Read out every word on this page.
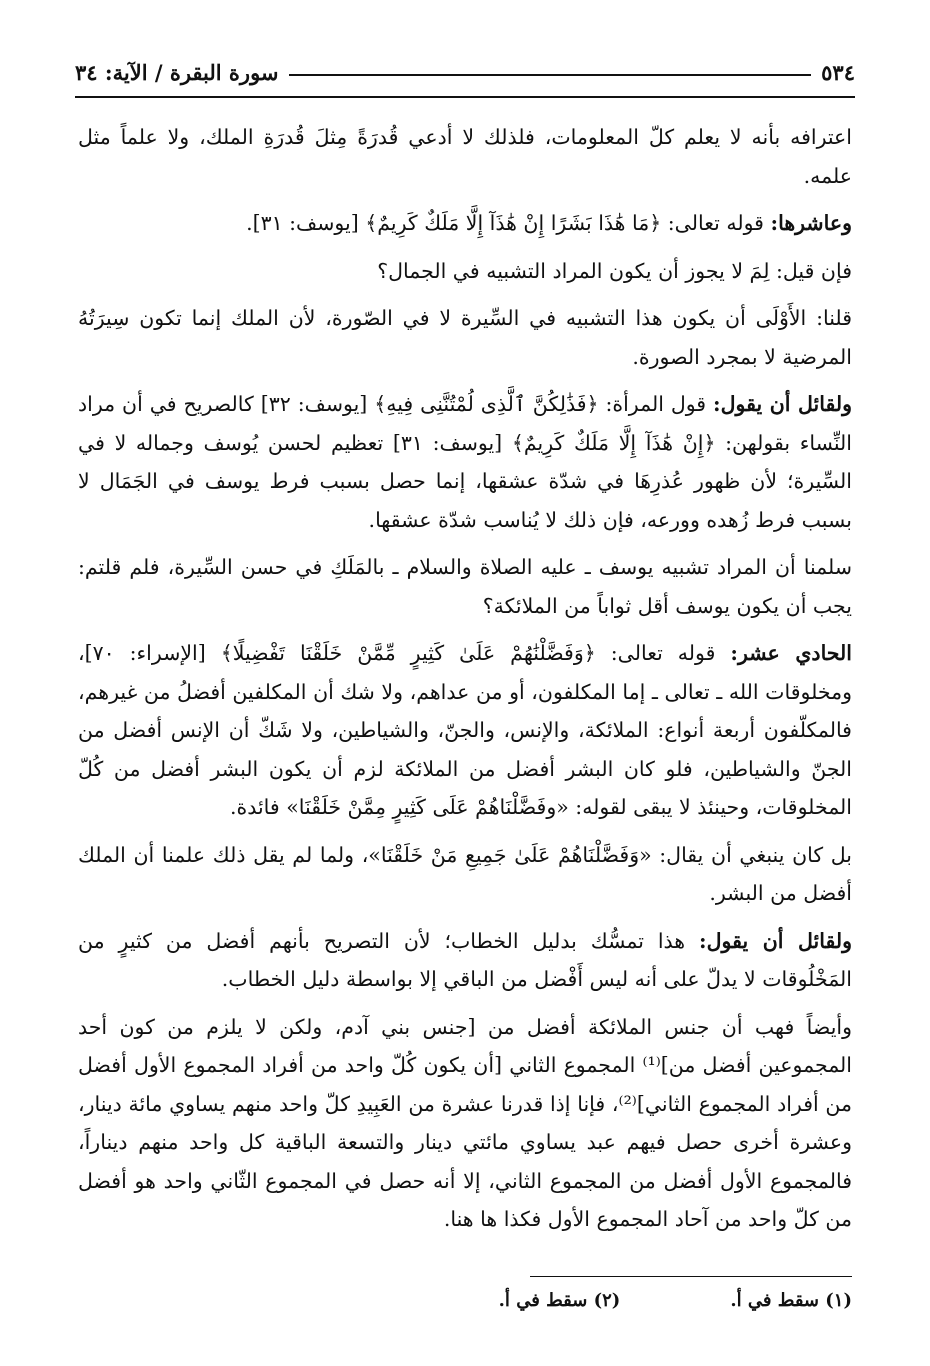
٥٣٤
سورة البقرة / الآية: ٣٤

اعترافه بأنه لا يعلم كلّ المعلومات، فلذلك لا أدعي قُدرَةً مِثلَ قُدرَةِ الملك، ولا علماً مثل علمه.

وعاشرها: قوله تعالى: ﴿مَا هَٰذَا بَشَرًا إِنْ هَٰذَآ إِلَّا مَلَكٌ كَرِيمٌ﴾ [يوسف: ٣١].

فإن قيل: لِمَ لا يجوز أن يكون المراد التشبيه في الجمال؟

قلنا: الأَوْلَى أن يكون هذا التشبيه في السِّيرة لا في الصّورة، لأن الملك إنما تكون سِيرَتُهُ المرضية لا بمجرد الصورة.

ولقائل أن يقول: قول المرأة: ﴿فَذَٰلِكُنَّ ٱلَّذِى لُمْتُنَّنِى فِيهِ﴾ [يوسف: ٣٢] كالصريح في أن مراد النِّساء بقولهن: ﴿إِنْ هَٰذَآ إِلَّا مَلَكٌ كَرِيمٌ﴾ [يوسف: ٣١] تعظيم لحسن يُوسف وجماله لا في السِّيرة؛ لأن ظهور عُذرِهَا في شدّة عشقها، إنما حصل بسبب فرط يوسف في الجَمَال لا بسبب فرط زُهده وورعه، فإن ذلك لا يُناسب شدّة عشقها.

سلمنا أن المراد تشبيه يوسف ـ عليه الصلاة والسلام ـ بالمَلَكِ في حسن السِّيرة، فلم قلتم: يجب أن يكون يوسف أقل ثواباً من الملائكة؟

الحادي عشر: قوله تعالى: ﴿وَفَضَّلْنَٰهُمْ عَلَىٰ كَثِيرٍ مِّمَّنْ خَلَقْنَا تَفْضِيلًا﴾ [الإسراء: ٧٠]، ومخلوقات الله ـ تعالى ـ إما المكلفون، أو من عداهم، ولا شك أن المكلفين أفضلُ من غيرهم، فالمكلّفون أربعة أنواع: الملائكة، والإنس، والجنّ، والشياطين، ولا شَكّ أن الإنس أفضل من الجنّ والشياطين، فلو كان البشر أفضل من الملائكة لزم أن يكون البشر أفضل من كُلّ المخلوقات، وحينئذ لا يبقى لقوله: «وفَضَّلْنَاهُمْ عَلَى كَثِيرٍ مِمَّنْ خَلَقْنَا» فائدة.

بل كان ينبغي أن يقال: «وَفَضَّلْنَاهُمْ عَلَىٰ جَمِيعِ مَنْ خَلَقْنَا»، ولما لم يقل ذلك علمنا أن الملك أفضل من البشر.

ولقائل أن يقول: هذا تمسُّك بدليل الخطاب؛ لأن التصريح بأنهم أفضل من كثيرٍ من المَخْلُوقات لا يدلّ على أنه ليس أَفْضل من الباقي إلا بواسطة دليل الخطاب.

وأيضاً فهب أن جنس الملائكة أفضل من [جنس بني آدم، ولكن لا يلزم من كون أحد المجموعين أفضل من]⁽¹⁾ المجموع الثاني [أن يكون كُلّ واحد من أفراد المجموع الأول أفضل من أفراد المجموع الثاني]⁽²⁾، فإنا إذا قدرنا عشرة من العَبِيدِ كلّ واحد منهم يساوي مائة دينار، وعشرة أخرى حصل فيهم عبد يساوي مائتي دينار والتسعة الباقية كل واحد منهم ديناراً، فالمجموع الأول أفضل من المجموع الثاني، إلا أنه حصل في المجموع الثّاني واحد هو أفضل من كلّ واحد من آحاد المجموع الأول فكذا ها هنا.

(١) سقط في أ.
(٢) سقط في أ.
